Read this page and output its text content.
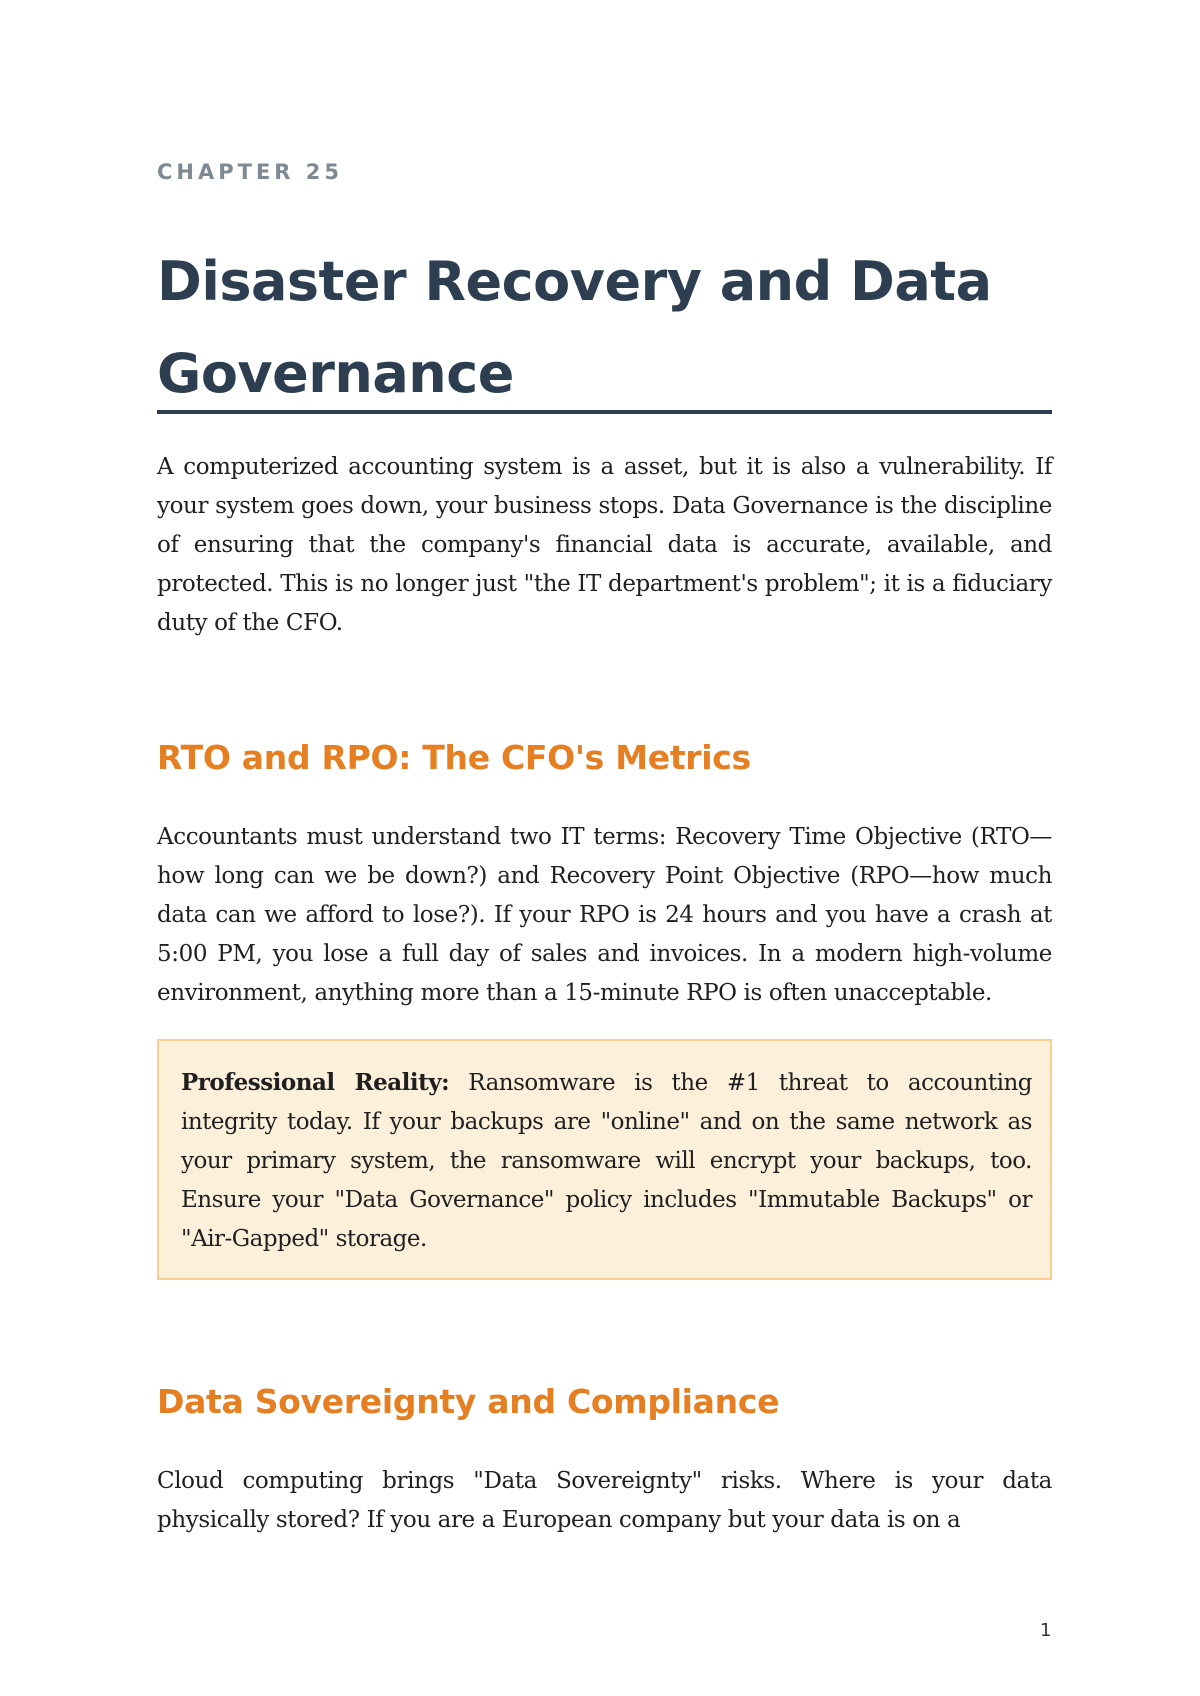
CHAPTER 25
Disaster Recovery and Data Governance

A computerized accounting system is a asset, but it is also a vulnerability. If your system goes down, your business stops. Data Governance is the discipline of ensuring that the company's financial data is accurate, available, and protected. This is no longer just "the IT department's problem"; it is a fiduciary duty of the CFO.

RTO and RPO: The CFO's Metrics

Accountants must understand two IT terms: Recovery Time Objective (RTO—how long can we be down?) and Recovery Point Objective (RPO—how much data can we afford to lose?). If your RPO is 24 hours and you have a crash at 5:00 PM, you lose a full day of sales and invoices. In a modern high-volume environment, anything more than a 15-minute RPO is often unacceptable.

Professional Reality: Ransomware is the #1 threat to accounting integrity today. If your backups are "online" and on the same network as your primary system, the ransomware will encrypt your backups, too. Ensure your "Data Governance" policy includes "Immutable Backups" or "Air-Gapped" storage.

Data Sovereignty and Compliance

Cloud computing brings "Data Sovereignty" risks. Where is your data physically stored? If you are a European company but your data is on a

1
